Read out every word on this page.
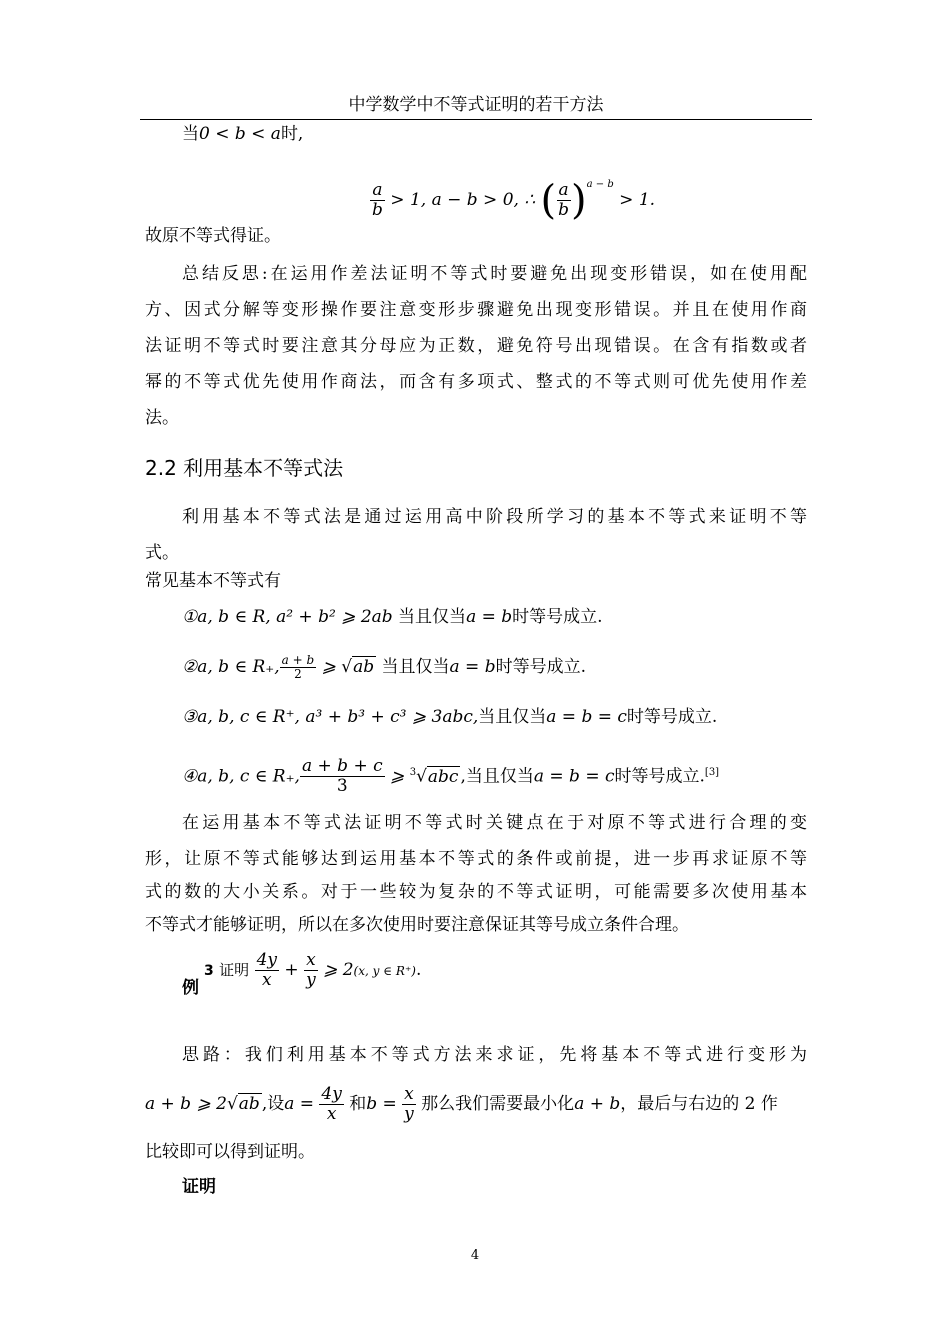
中学数学中不等式证明的若干方法
当0 < b < a时,
$\frac{a}{b} > 1$, a − b > 0, ∴ ( $\frac{a}{b} )^{a - b} > 1$.
故原不等式得证。
总结反思:在运用作差法证明不等式时要避免出现变形错误，如在使用配
方、因式分解等变形操作要注意变形步骤避免出现变形错误。并且在使用作商
法证明不等式时要注意其分母应为正数，避免符号出现错误。在含有指数或者
幂的不等式优先使用作商法，而含有多项式、整式的不等式则可优先使用作差
法。
2.2 利用基本不等式法
利用基本不等式法是通过运用高中阶段所学习的基本不等式来证明不等
式。
常见基本不等式有
①a, b ∈ R, a² + b² ⩾ 2ab 当且仅当a = b时等号成立.
②a, b ∈ R₊, $\frac{a + b}{2}$ ⩾ √ab 当且仅当a = b时等号成立.
③a, b, c ∈ R⁺, a³ + b³ + c³ ⩾ 3abc,当且仅当a = b = c时等号成立.
④a, b, c ∈ R₊, $\frac{a + b + c}{3}$ ⩾ $^3$√abc ,当且仅当a = b = c时等号成立.[3]
在运用基本不等式法证明不等式时关键点在于对原不等式进行合理的变
形，让原不等式能够达到运用基本不等式的条件或前提，进一步再求证原不等
式的数的大小关系。对于一些较为复杂的不等式证明，可能需要多次使用基本
不等式才能够证明，所以在多次使用时要注意保证其等号成立条件合理。
例
3 证明 $\frac{4y}{x} + \frac{x}{y}$ ⩾ 2(x, y ∈ R⁺).
思路：我们利用基本不等式方法来求证，先将基本不等式进行变形为
a + b ⩾ 2√ab ,设$a = \frac{4y}{x}$ 和$b = \frac{x}{y}$ 那么我们需要最小化a + b，最后与右边的 2 作
比较即可以得到证明。
证明
4
